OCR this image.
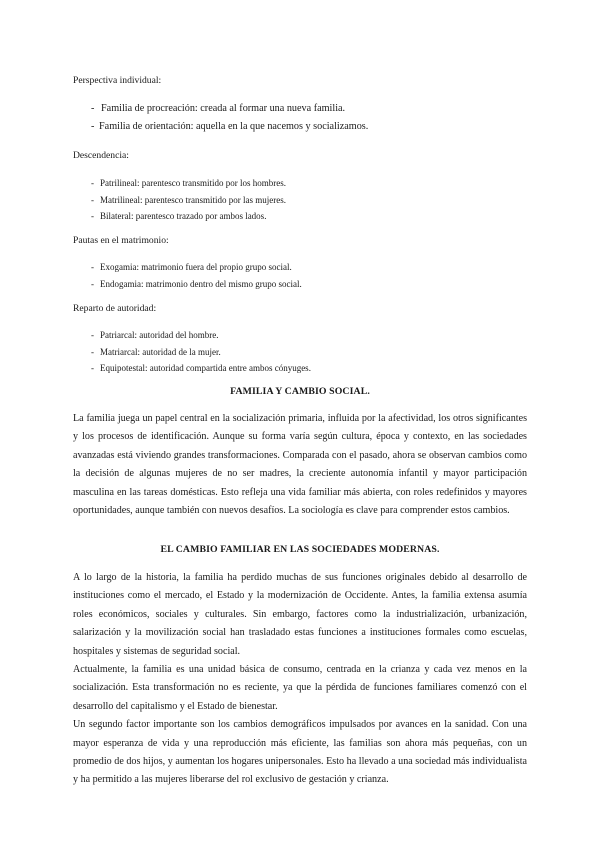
Perspectiva individual:
- Familia de procreación: creada al formar una nueva familia.
- Familia de orientación: aquella en la que nacemos y socializamos.
Descendencia:
- Patrilineal: parentesco transmitido por los hombres.
- Matrilineal: parentesco transmitido por las mujeres.
- Bilateral: parentesco trazado por ambos lados.
Pautas en el matrimonio:
- Exogamia: matrimonio fuera del propio grupo social.
- Endogamia: matrimonio dentro del mismo grupo social.
Reparto de autoridad:
- Patriarcal: autoridad del hombre.
- Matriarcal: autoridad de la mujer.
- Equipotestal: autoridad compartida entre ambos cónyuges.
FAMILIA Y CAMBIO SOCIAL.

La familia juega un papel central en la socialización primaria, influida por la afectividad, los otros significantes y los procesos de identificación. Aunque su forma varía según cultura, época y contexto, en las sociedades avanzadas está viviendo grandes transformaciones. Comparada con el pasado, ahora se observan cambios como la decisión de algunas mujeres de no ser madres, la creciente autonomía infantil y mayor participación masculina en las tareas domésticas. Esto refleja una vida familiar más abierta, con roles redefinidos y mayores oportunidades, aunque también con nuevos desafíos. La sociología es clave para comprender estos cambios.

EL CAMBIO FAMILIAR EN LAS SOCIEDADES MODERNAS.
A lo largo de la historia, la familia ha perdido muchas de sus funciones originales debido al desarrollo de instituciones como el mercado, el Estado y la modernización de Occidente. Antes, la familia extensa asumía roles económicos, sociales y culturales. Sin embargo, factores como la industrialización, urbanización, salarización y la movilización social han trasladado estas funciones a instituciones formales como escuelas, hospitales y sistemas de seguridad social.
Actualmente, la familia es una unidad básica de consumo, centrada en la crianza y cada vez menos en la socialización. Esta transformación no es reciente, ya que la pérdida de funciones familiares comenzó con el desarrollo del capitalismo y el Estado de bienestar.
Un segundo factor importante son los cambios demográficos impulsados por avances en la sanidad. Con una mayor esperanza de vida y una reproducción más eficiente, las familias son ahora más pequeñas, con un promedio de dos hijos, y aumentan los hogares unipersonales. Esto ha llevado a una sociedad más individualista y ha permitido a las mujeres liberarse del rol exclusivo de gestación y crianza.
